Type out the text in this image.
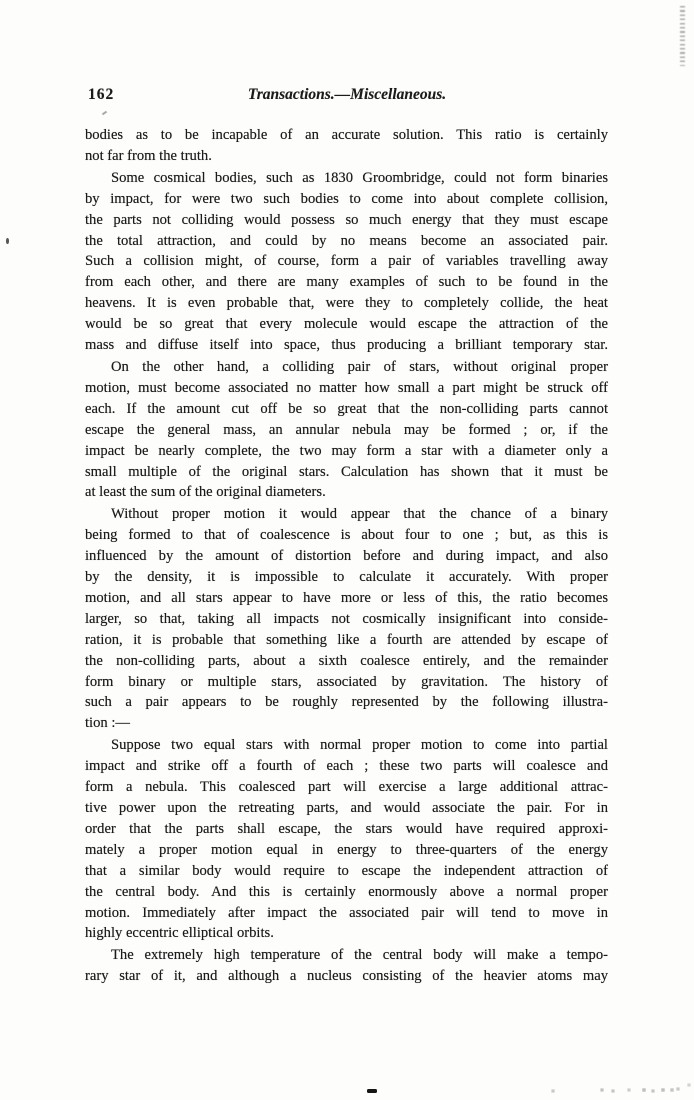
162	Transactions.—Miscellaneous.
bodies as to be incapable of an accurate solution. This ratio is certainly
not far from the truth.
Some cosmical bodies, such as 1830 Groombridge, could not form binaries
by impact, for were two such bodies to come into about complete collision,
the parts not colliding would possess so much energy that they must escape
the total attraction, and could by no means become an associated pair.
Such a collision might, of course, form a pair of variables travelling away
from each other, and there are many examples of such to be found in the
heavens. It is even probable that, were they to completely collide, the heat
would be so great that every molecule would escape the attraction of the
mass and diffuse itself into space, thus producing a brilliant temporary star.
On the other hand, a colliding pair of stars, without original proper
motion, must become associated no matter how small a part might be struck off
each. If the amount cut off be so great that the non-colliding parts cannot
escape the general mass, an annular nebula may be formed ; or, if the
impact be nearly complete, the two may form a star with a diameter only a
small multiple of the original stars. Calculation has shown that it must be
at least the sum of the original diameters.
Without proper motion it would appear that the chance of a binary
being formed to that of coalescence is about four to one ; but, as this is
influenced by the amount of distortion before and during impact, and also
by the density, it is impossible to calculate it accurately. With proper
motion, and all stars appear to have more or less of this, the ratio becomes
larger, so that, taking all impacts not cosmically insignificant into conside-
ration, it is probable that something like a fourth are attended by escape of
the non-colliding parts, about a sixth coalesce entirely, and the remainder
form binary or multiple stars, associated by gravitation. The history of
such a pair appears to be roughly represented by the following illustra-
tion :—
Suppose two equal stars with normal proper motion to come into partial
impact and strike off a fourth of each ; these two parts will coalesce and
form a nebula. This coalesced part will exercise a large additional attrac-
tive power upon the retreating parts, and would associate the pair. For in
order that the parts shall escape, the stars would have required approxi-
mately a proper motion equal in energy to three-quarters of the energy
that a similar body would require to escape the independent attraction of
the central body. And this is certainly enormously above a normal proper
motion. Immediately after impact the associated pair will tend to move in
highly eccentric elliptical orbits.
The extremely high temperature of the central body will make a tempo-
rary star of it, and although a nucleus consisting of the heavier atoms may
